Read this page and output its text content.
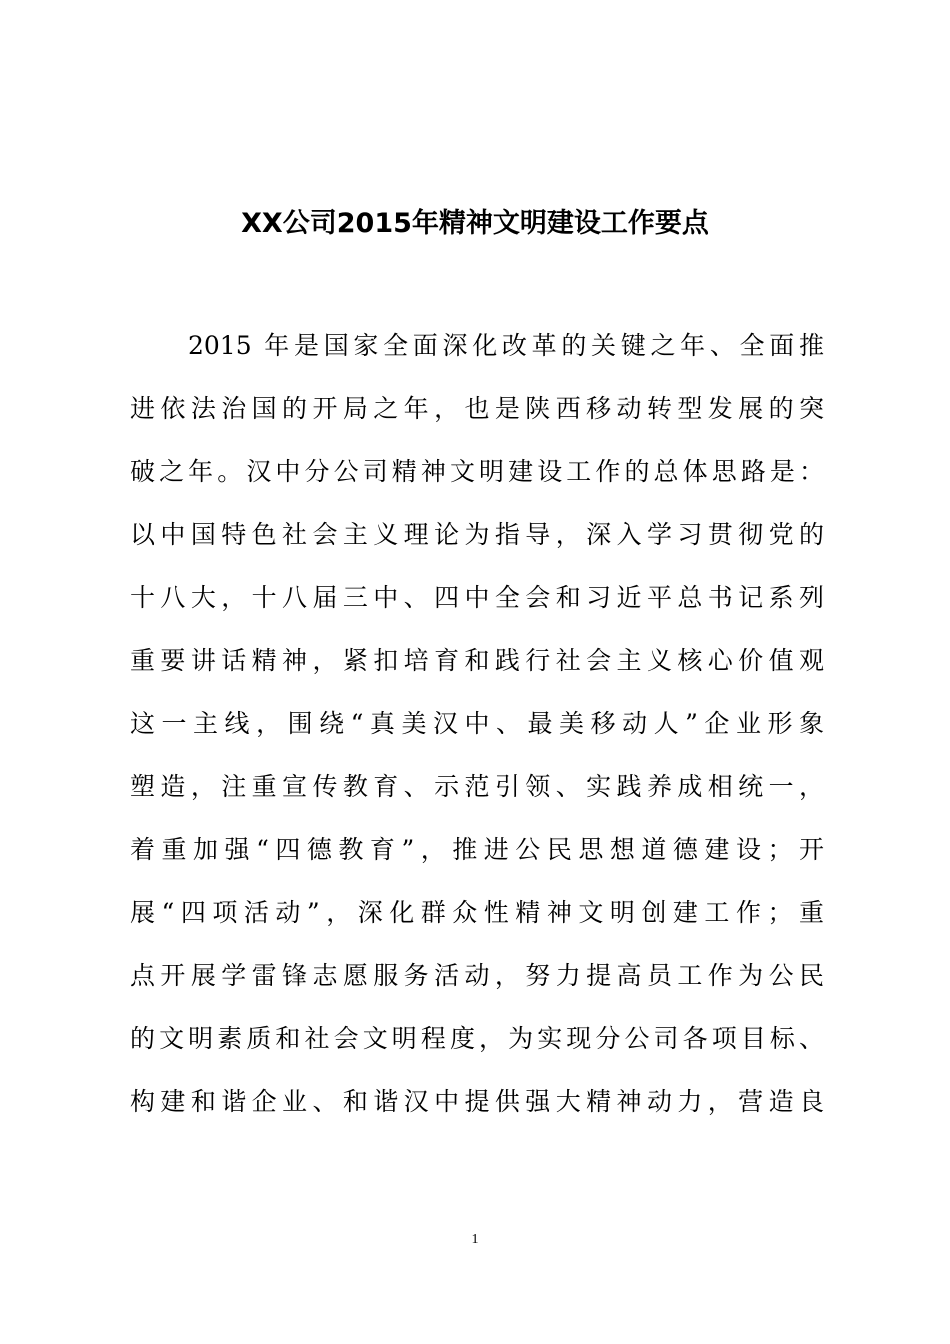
XX公司2015年精神文明建设工作要点
2015 年是国家全面深化改革的关键之年、全面推
进依法治国的开局之年，也是陕西移动转型发展的突
破之年。汉中分公司精神文明建设工作的总体思路是：
以中国特色社会主义理论为指导，深入学习贯彻党的
十八大，十八届三中、四中全会和习近平总书记系列
重要讲话精神，紧扣培育和践行社会主义核心价值观
这一主线，围绕“真美汉中、最美移动人”企业形象
塑造，注重宣传教育、示范引领、实践养成相统一，
着重加强“四德教育”，推进公民思想道德建设；开
展“四项活动”，深化群众性精神文明创建工作；重
点开展学雷锋志愿服务活动，努力提高员工作为公民
的文明素质和社会文明程度，为实现分公司各项目标、
构建和谐企业、和谐汉中提供强大精神动力，营造良
1
